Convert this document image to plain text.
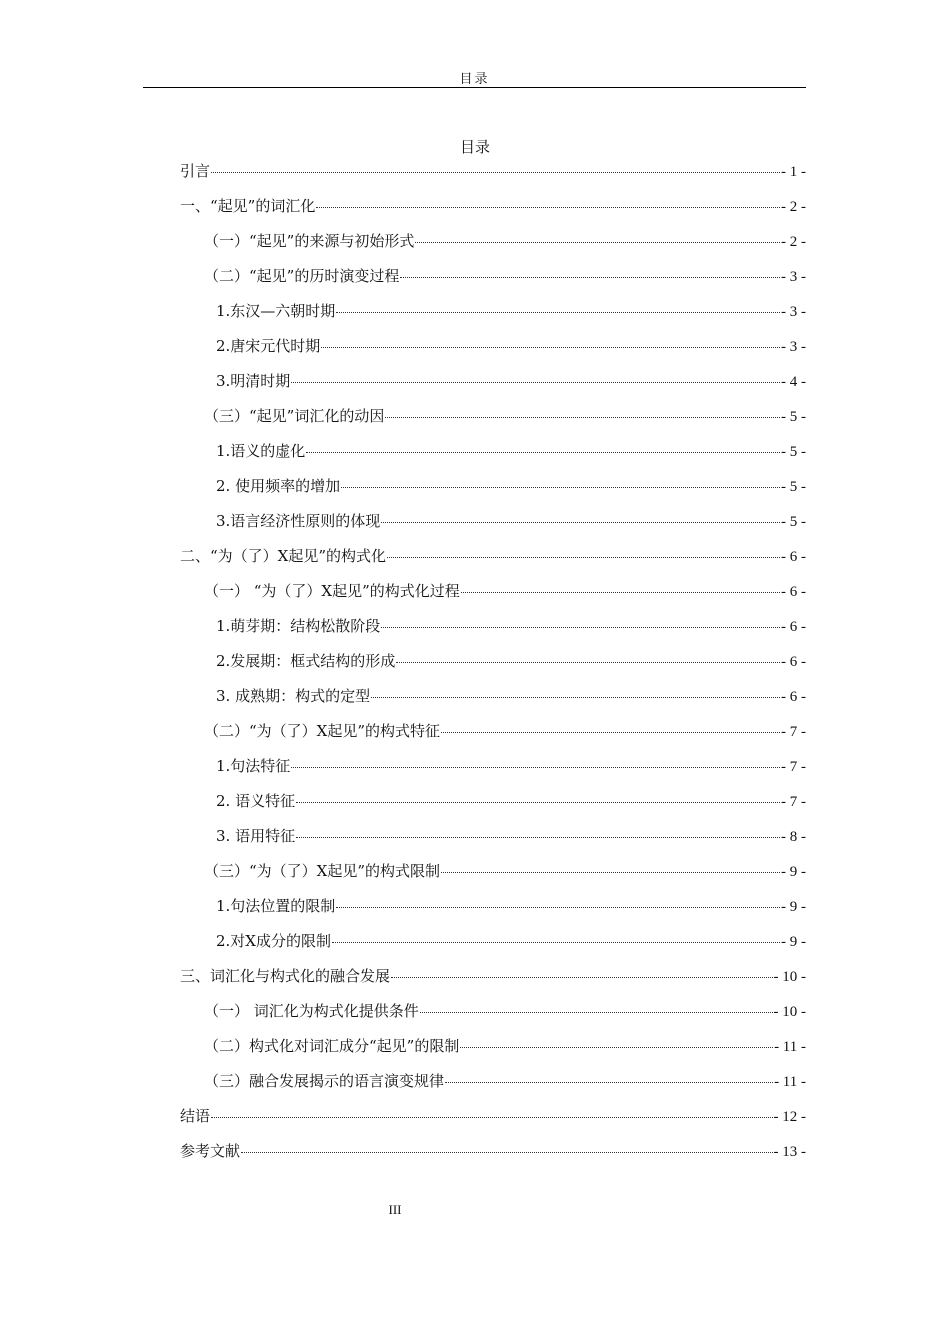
目录
目录
引言	- 1 -
一、“起见”的词汇化	- 2 -
（一）“起见”的来源与初始形式	- 2 -
（二）“起见”的历时演变过程	- 3 -
1.东汉—六朝时期	- 3 -
2.唐宋元代时期	- 3 -
3.明清时期	- 4 -
（三）“起见”词汇化的动因	- 5 -
1.语义的虚化	- 5 -
2. 使用频率的增加	- 5 -
3.语言经济性原则的体现	- 5 -
二、“为（了）X起见”的构式化	- 6 -
（一） “为（了）X起见”的构式化过程	- 6 -
1.萌芽期：结构松散阶段	- 6 -
2.发展期：框式结构的形成	- 6 -
3. 成熟期：构式的定型	- 6 -
（二）“为（了）X起见”的构式特征	- 7 -
1.句法特征	- 7 -
2. 语义特征	- 7 -
3. 语用特征	- 8 -
（三）“为（了）X起见”的构式限制	- 9 -
1.句法位置的限制	- 9 -
2.对X成分的限制	- 9 -
三、词汇化与构式化的融合发展	- 10 -
（一） 词汇化为构式化提供条件	- 10 -
（二）构式化对词汇成分“起见”的限制	- 11 -
（三）融合发展揭示的语言演变规律	- 11 -
结语	- 12 -
参考文献	- 13 -
III
